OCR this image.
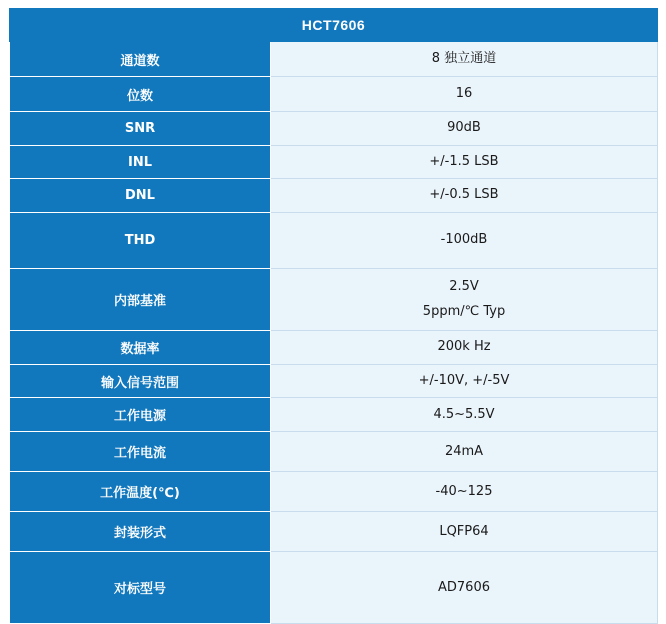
HCT7606	
通道数	8 独立通道

位数	16

SNR	90dB

INL	+/-1.5 LSB

DNL	+/-0.5 LSB

THD	-100dB

内部基准	2.5V
5ppm/℃ Typ

数据率	200k Hz

输入信号范围	+/-10V, +/-5V

工作电源	4.5~5.5V

工作电流	24mA

工作温度(℃)	-40~125

封装形式	LQFP64

对标型号	AD7606
